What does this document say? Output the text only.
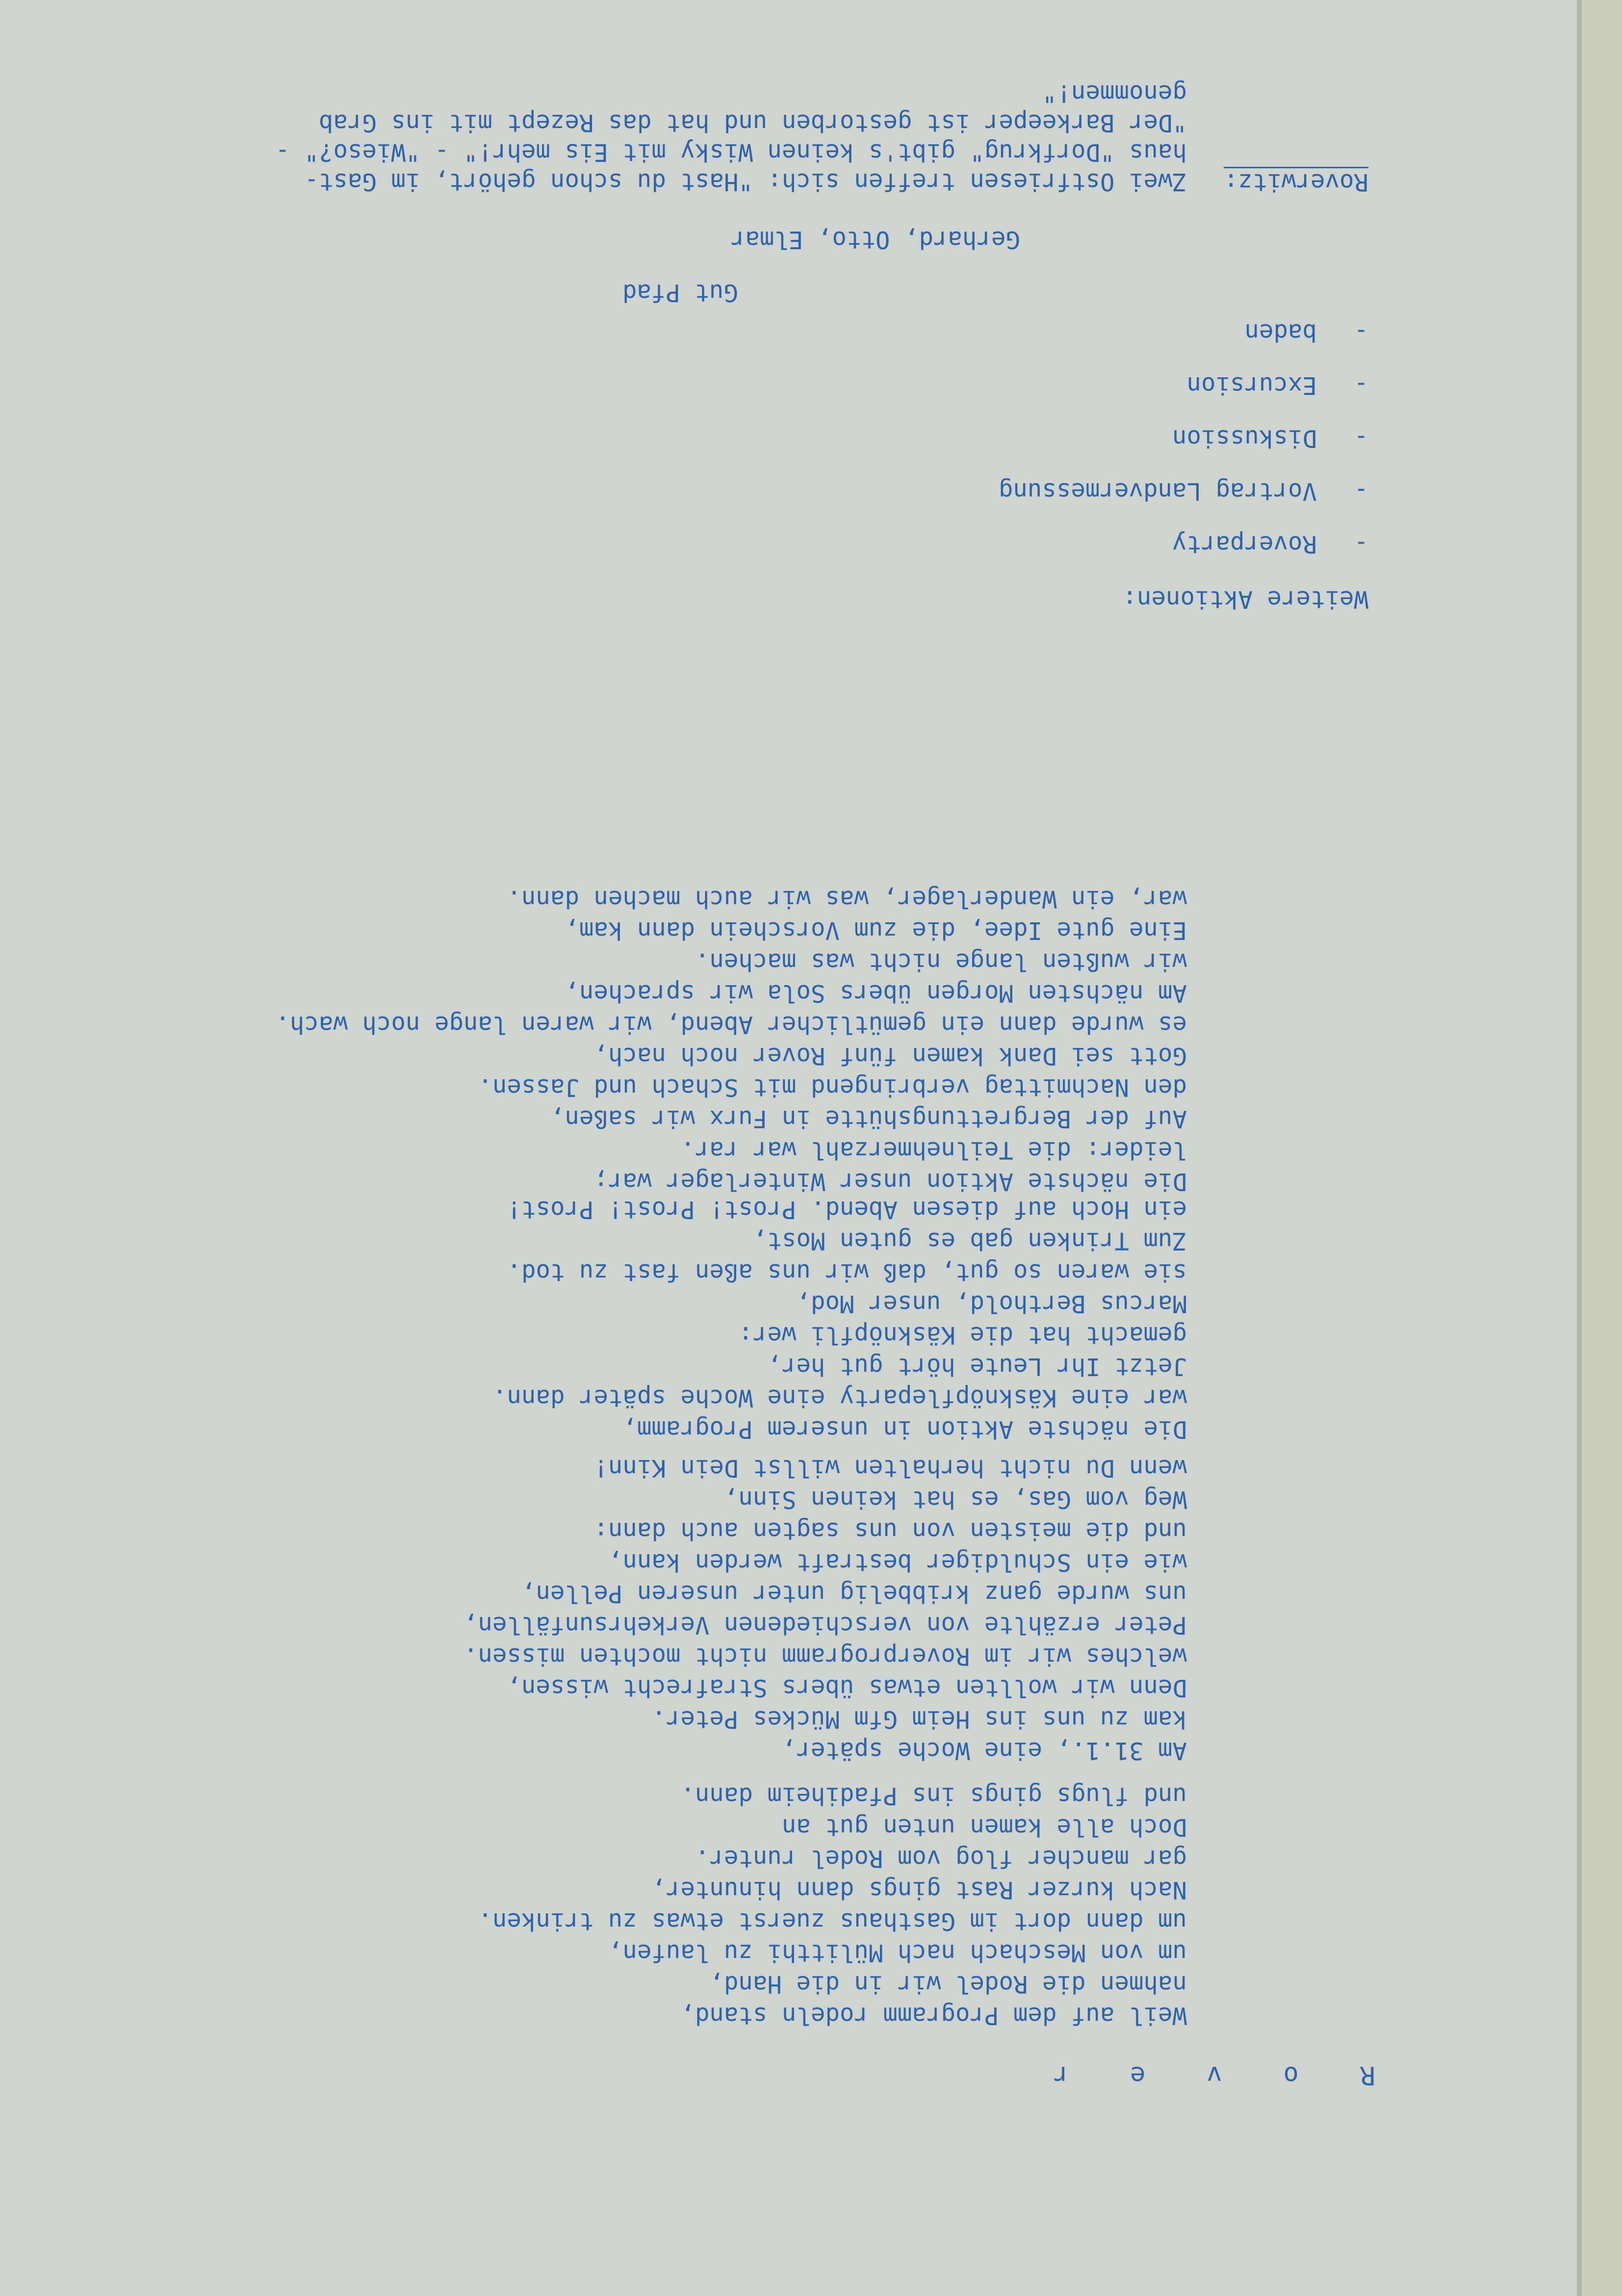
R o v e r
Weil auf dem Programm rodeln stand,
nahmen die Rodel wir in die Hand,
um von Meschach nach Mülitthi zu laufen,
um dann dort im Gasthaus zuerst etwas zu trinken.
Nach kurzer Rast gings dann hinunter,
gar mancher flog vom Rodel runter.
Doch alle kamen unten gut an
und flugs gings ins Pfadiheim dann.
Am 31.1., eine Woche später,
kam zu uns ins Heim Gfm Mückes Peter.
Denn wir wollten etwas übers Strafrecht wissen,
welches wir im Roverprogramm nicht mochten missen.
Peter erzählte von verschiedenen Verkehrsunfällen,
uns wurde ganz kribbelig unter unseren Pellen,
wie ein Schuldiger bestraft werden kann,
und die meisten von uns sagten auch dann:
Weg vom Gas, es hat keinen Sinn,
wenn Du nicht herhalten willst Dein Kinn!
Die nächste Aktion in unserem Programm,
war eine Käsknöpfleparty eine Woche später dann.
Jetzt Ihr Leute hört gut her,
gemacht hat die Käsknöpfli wer:
Marcus Berthold, unser Mod,
sie waren so gut, daß wir uns aßen fast zu tod.
Zum Trinken gab es guten Most,
ein Hoch auf diesen Abend. Prost! Prost! Prost!
Die nächste Aktion unser Winterlager war;
leider: die Teilnehmerzahl war rar.
Auf der Bergrettungshütte in Furx wir saßen,
den Nachmittag verbringend mit Schach und Jassen.
Gott sei Dank kamen fünf Rover noch nach,
es wurde dann ein gemütlicher Abend, wir waren lange noch wach.
Am nächsten Morgen übers Sola wir sprachen,
wir wußten lange nicht was machen.
Eine gute Idee, die zum Vorschein dann kam,
war, ein Wanderlager, was wir auch machen dann.
Weitere Aktionen:
-Roverparty
-Vortrag Landvermessung
-Diskussion
-Excursion
-baden
Gut Pfad
Gerhard, Otto, Elmar
Roverwitz:
Zwei Ostfriesen treffen sich: "Hast du schon gehört, im Gast-
haus "Dorfkrug" gibt's keinen Wisky mit Eis mehr!" - "Wieso?" -
"Der Barkeeper ist gestorben und hat das Rezept mit ins Grab
genommen!"
